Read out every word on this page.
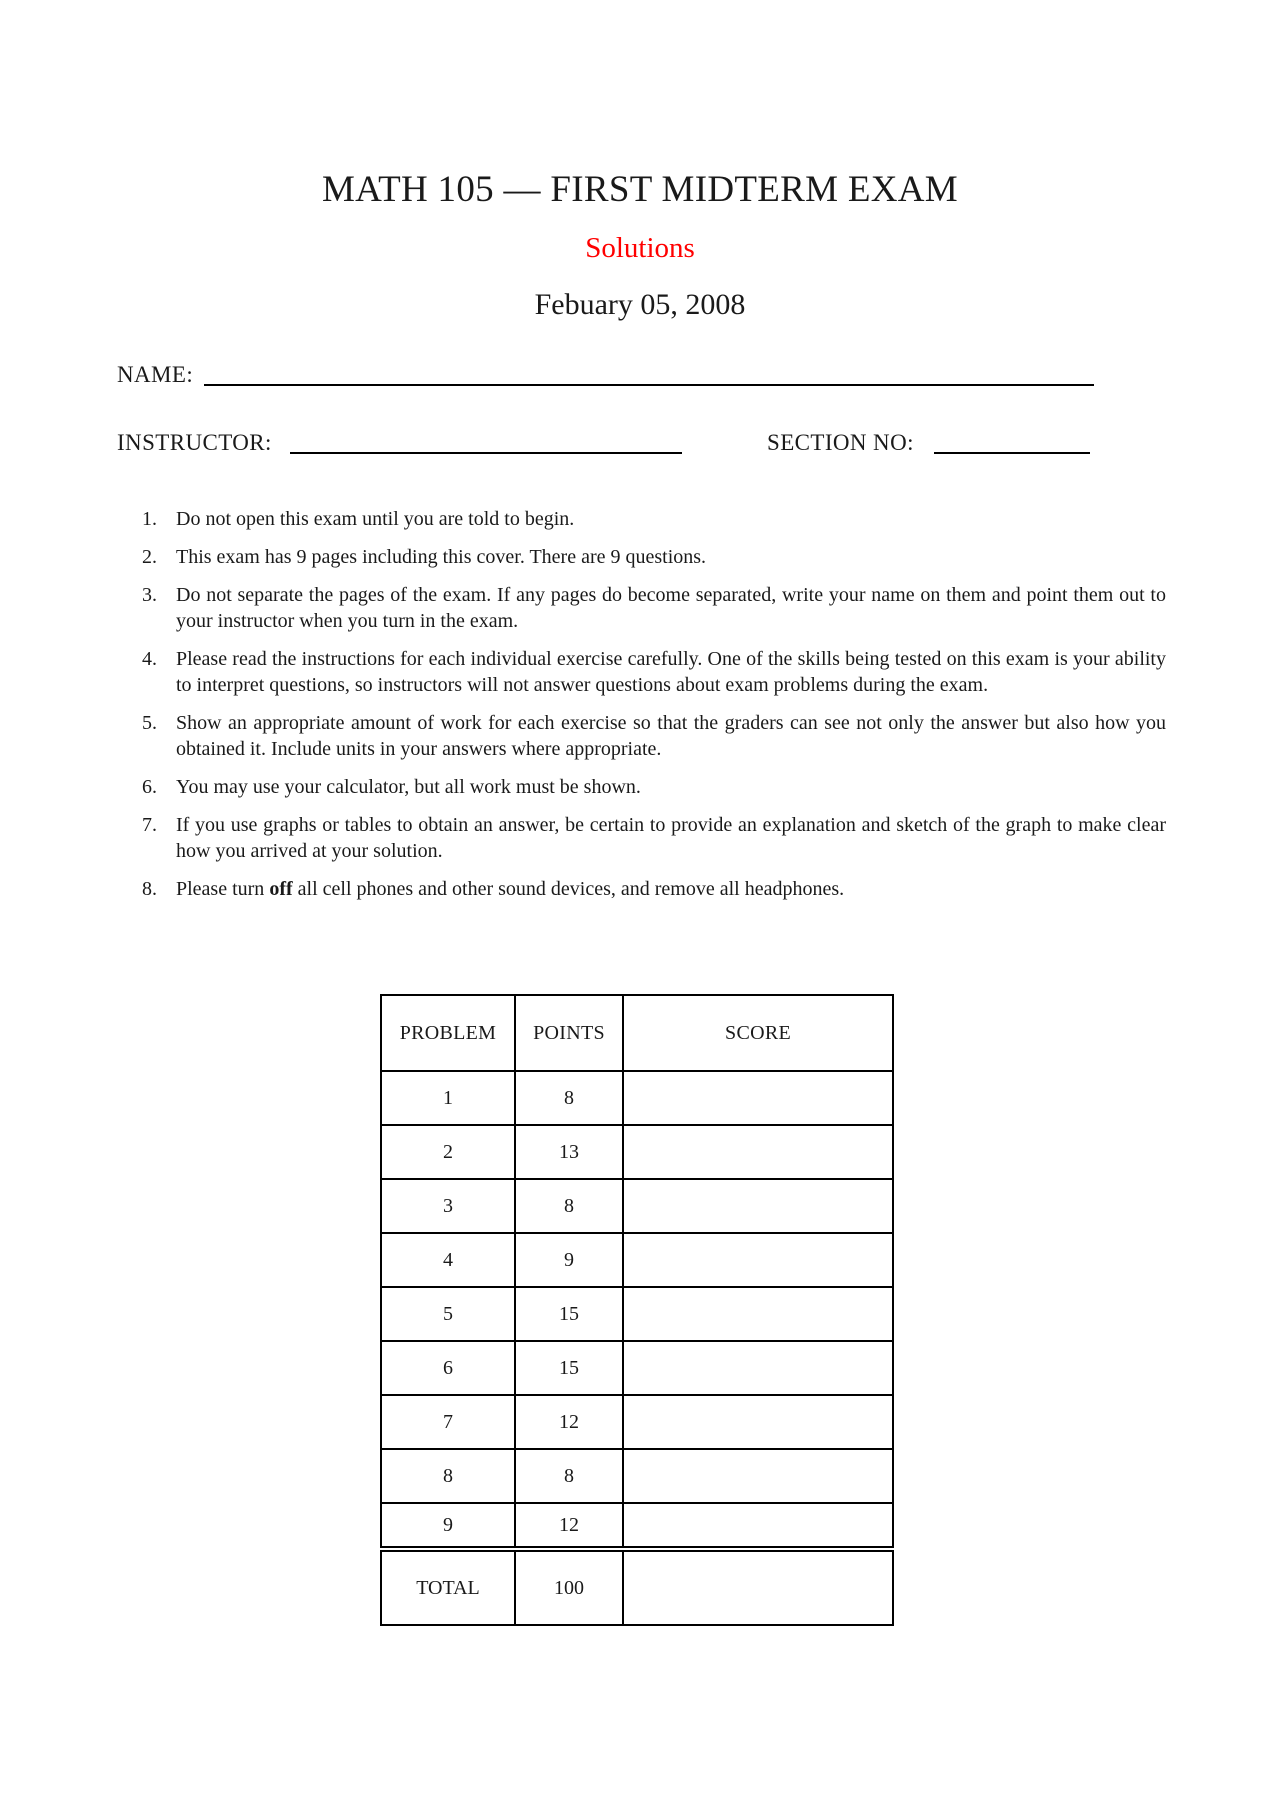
MATH 105 — FIRST MIDTERM EXAM
Solutions
Febuary 05, 2008
NAME:
INSTRUCTOR:	SECTION NO:
1. Do not open this exam until you are told to begin.
2. This exam has 9 pages including this cover. There are 9 questions.
3. Do not separate the pages of the exam. If any pages do become separated, write your name on them and point them out to your instructor when you turn in the exam.
4. Please read the instructions for each individual exercise carefully. One of the skills being tested on this exam is your ability to interpret questions, so instructors will not answer questions about exam problems during the exam.
5. Show an appropriate amount of work for each exercise so that the graders can see not only the answer but also how you obtained it. Include units in your answers where appropriate.
6. You may use your calculator, but all work must be shown.
7. If you use graphs or tables to obtain an answer, be certain to provide an explanation and sketch of the graph to make clear how you arrived at your solution.
8. Please turn off all cell phones and other sound devices, and remove all headphones.
PROBLEM	POINTS	SCORE
1	8	
2	13	
3	8	
4	9	
5	15	
6	15	
7	12	
8	8	
9	12	
TOTAL	100	
